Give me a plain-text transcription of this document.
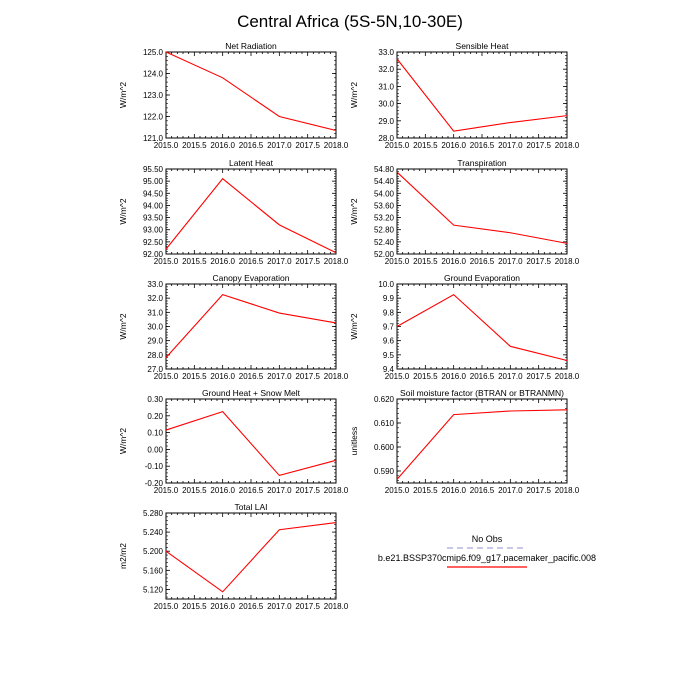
Central Africa (5S-5N,10-30E)
Net Radiation
W/m^2
2015.0 2015.5 2016.0 2016.5 2017.0 2017.5 2018.0
121.0
122.0
123.0
124.0
125.0
Sensible Heat
W/m^2
2015.0 2015.5 2016.0 2016.5 2017.0 2017.5 2018.0
28.0
29.0
30.0
31.0
32.0
33.0
Latent Heat
W/m^2
2015.0 2015.5 2016.0 2016.5 2017.0 2017.5 2018.0
92.00
92.50
93.00
93.50
94.00
94.50
95.00
95.50
Transpiration
W/m^2
2015.0 2015.5 2016.0 2016.5 2017.0 2017.5 2018.0
52.00
52.40
52.80
53.20
53.60
54.00
54.40
54.80
Canopy Evaporation
W/m^2
2015.0 2015.5 2016.0 2016.5 2017.0 2017.5 2018.0
27.0
28.0
29.0
30.0
31.0
32.0
33.0
Ground Evaporation
W/m^2
2015.0 2015.5 2016.0 2016.5 2017.0 2017.5 2018.0
9.4
9.5
9.6
9.7
9.8
9.9
10.0
Ground Heat + Snow Melt
W/m^2
2015.0 2015.5 2016.0 2016.5 2017.0 2017.5 2018.0
-0.20
-0.10
0.00
0.10
0.20
0.30
Soil moisture factor (BTRAN or BTRANMN)
unitless
2015.0 2015.5 2016.0 2016.5 2017.0 2017.5 2018.0
0.590
0.600
0.610
0.620
Total LAI
m2/m2
2015.0 2015.5 2016.0 2016.5 2017.0 2017.5 2018.0
5.120
5.160
5.200
5.240
5.280
No Obs
b.e21.BSSP370cmip6.f09_g17.pacemaker_pacific.008
